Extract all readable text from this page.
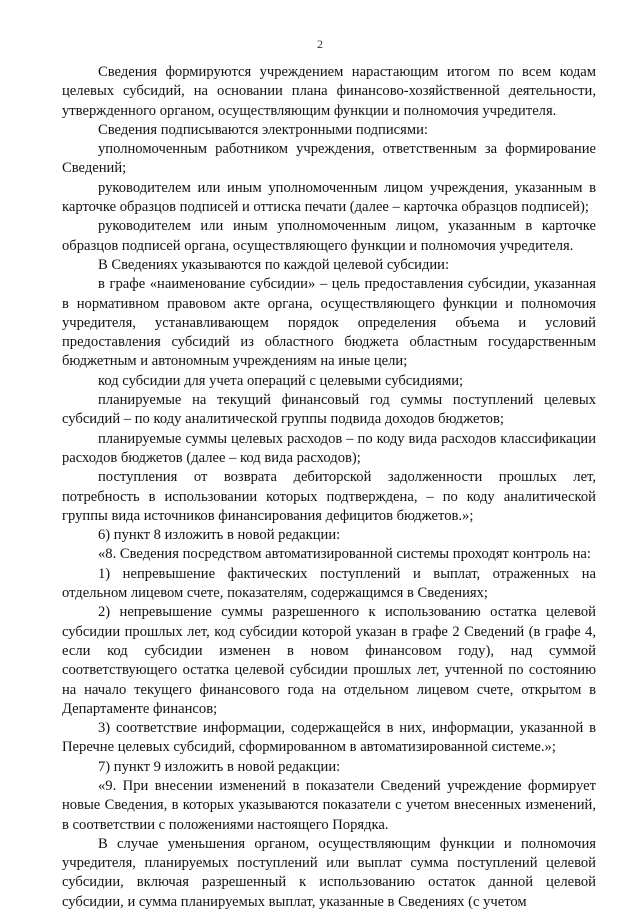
2

Сведения формируются учреждением нарастающим итогом по всем кодам целевых субсидий, на основании плана финансово-хозяйственной деятельности, утвержденного органом, осуществляющим функции и полномочия учредителя.

Сведения подписываются электронными подписями:

уполномоченным работником учреждения, ответственным за формирование Сведений;

руководителем или иным уполномоченным лицом учреждения, указанным в карточке образцов подписей и оттиска печати (далее – карточка образцов подписей);

руководителем или иным уполномоченным лицом, указанным в карточке образцов подписей органа, осуществляющего функции и полномочия учредителя.

В Сведениях указываются по каждой целевой субсидии:

в графе «наименование субсидии» – цель предоставления субсидии, указанная в нормативном правовом акте органа, осуществляющего функции и полномочия учредителя, устанавливающем порядок определения объема и условий предоставления субсидий из областного бюджета областным государственным бюджетным и автономным учреждениям на иные цели;

код субсидии для учета операций с целевыми субсидиями;

планируемые на текущий финансовый год суммы поступлений целевых субсидий – по коду аналитической группы подвида доходов бюджетов;

планируемые суммы целевых расходов – по коду вида расходов классификации расходов бюджетов (далее – код вида расходов);

поступления от возврата дебиторской задолженности прошлых лет, потребность в использовании которых подтверждена, – по коду аналитической группы вида источников финансирования дефицитов бюджетов.»;

6) пункт 8 изложить в новой редакции:

«8. Сведения посредством автоматизированной системы проходят контроль на:

1) непревышение фактических поступлений и выплат, отраженных на отдельном лицевом счете, показателям, содержащимся в Сведениях;

2) непревышение суммы разрешенного к использованию остатка целевой субсидии прошлых лет, код субсидии которой указан в графе 2 Сведений (в графе 4, если код субсидии изменен в новом финансовом году), над суммой соответствующего остатка целевой субсидии прошлых лет, учтенной по состоянию на начало текущего финансового года на отдельном лицевом счете, открытом в Департаменте финансов;

3) соответствие информации, содержащейся в них, информации, указанной в Перечне целевых субсидий, сформированном в автоматизированной системе.»;

7) пункт 9 изложить в новой редакции:

«9. При внесении изменений в показатели Сведений учреждение формирует новые Сведения, в которых указываются показатели с учетом внесенных изменений, в соответствии с положениями настоящего Порядка.

В случае уменьшения органом, осуществляющим функции и полномочия учредителя, планируемых поступлений или выплат сумма поступлений целевой субсидии, включая разрешенный к использованию остаток данной целевой субсидии, и сумма планируемых выплат, указанные в Сведениях (с учетом
